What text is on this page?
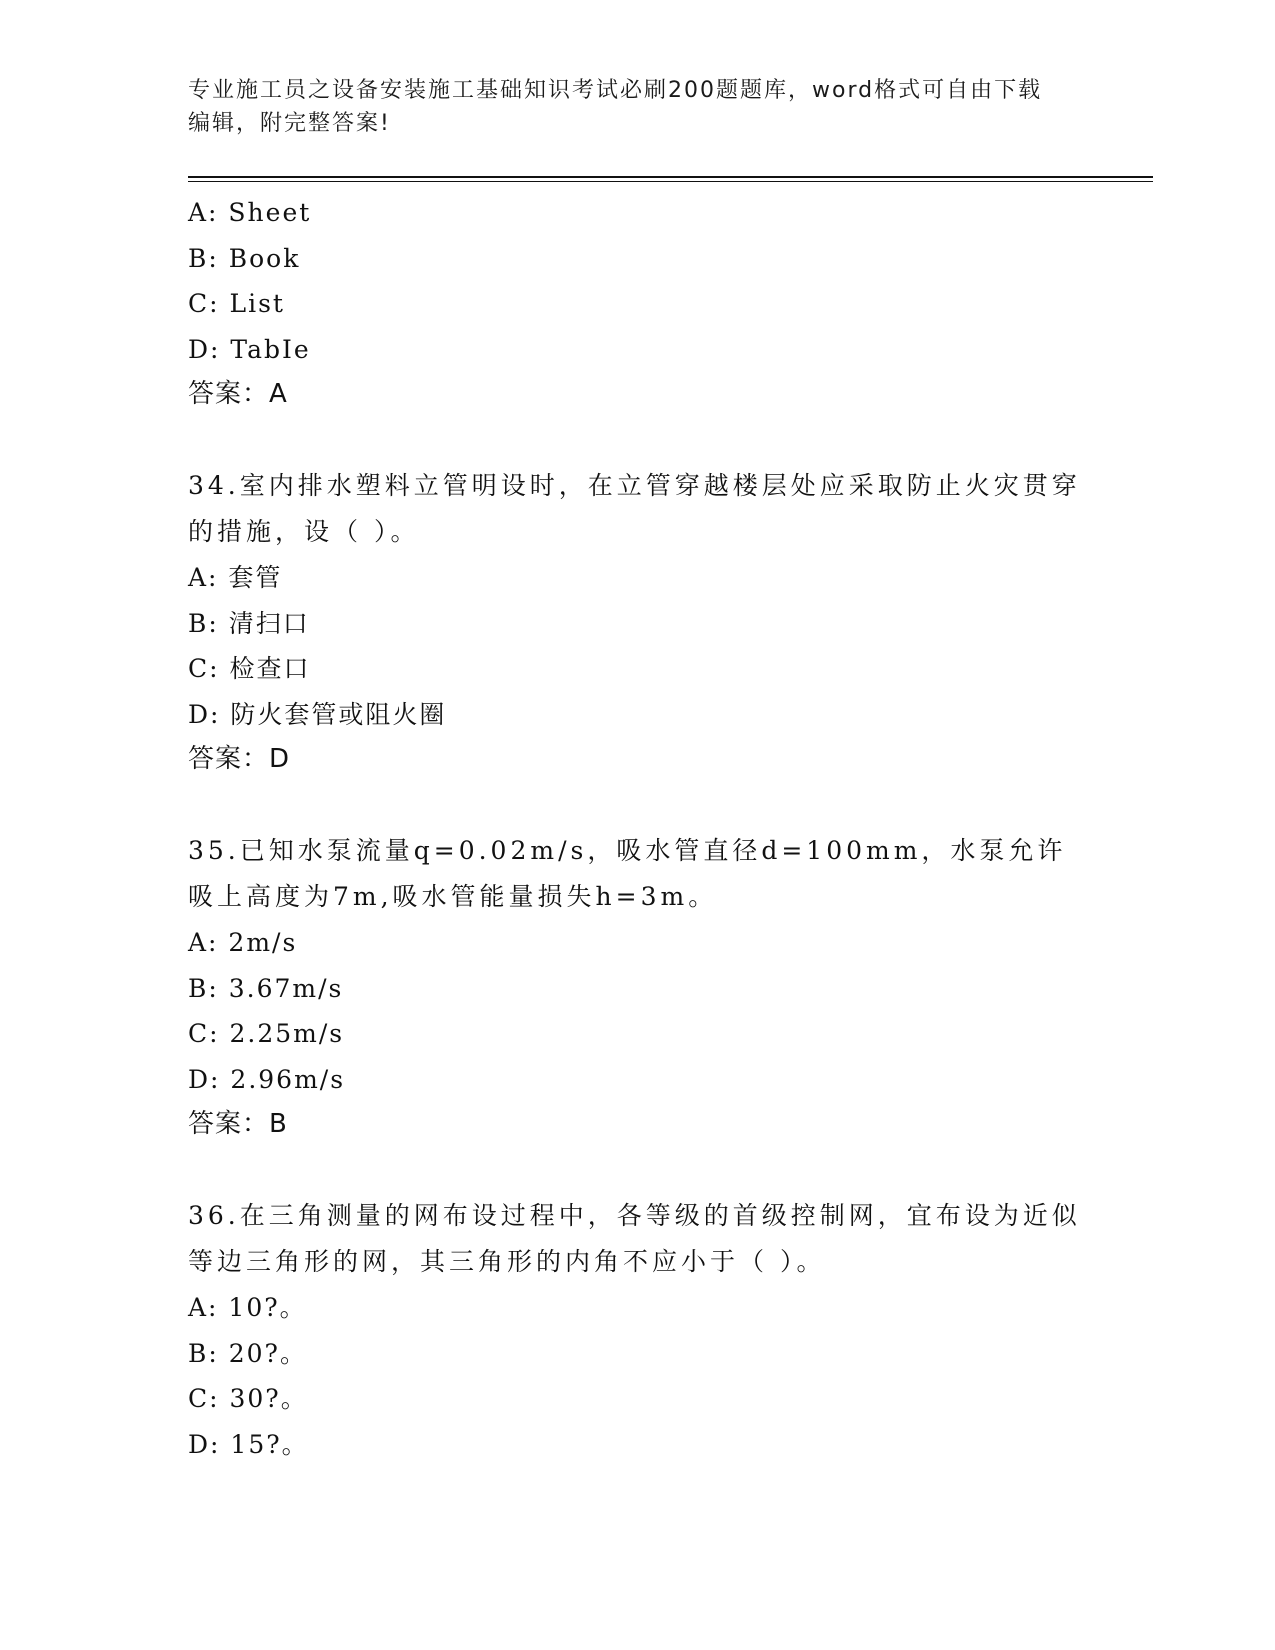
专业施工员之设备安装施工基础知识考试必刷200题题库，word格式可自由下载
编辑，附完整答案!
A: Sheet
B: Book
C: List
D: TabIe
答案：A

34.室内排水塑料立管明设时，在立管穿越楼层处应采取防止火灾贯穿的措施，设（ ）。

A: 套管
B: 清扫口
C: 检查口
D: 防火套管或阻火圈
答案：D

35.已知水泵流量q=0.02m/s，吸水管直径d=100mm，水泵允许吸上高度为7m,吸水管能量损失h=3m。

A: 2m/s
B: 3.67m/s
C: 2.25m/s
D: 2.96m/s
答案：B

36.在三角测量的网布设过程中，各等级的首级控制网，宜布设为近似等边三角形的网，其三角形的内角不应小于（ ）。

A: 10?。
B: 20?。
C: 30?。
D: 15?。
